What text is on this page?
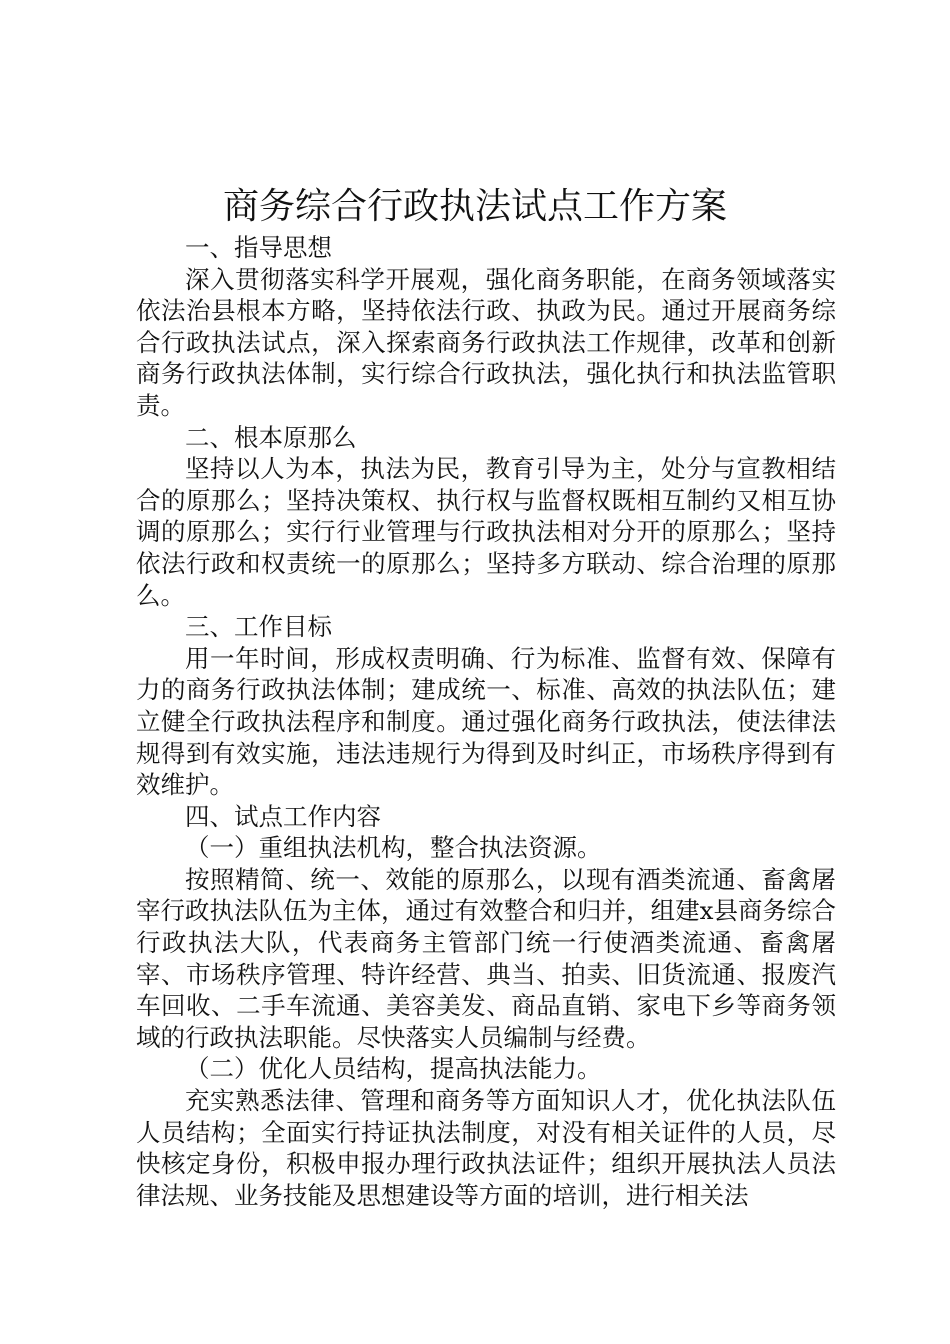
商务综合行政执法试点工作方案

一、指导思想

深入贯彻落实科学开展观，强化商务职能，在商务领域落实依法治县根本方略，坚持依法行政、执政为民。通过开展商务综合行政执法试点，深入探索商务行政执法工作规律，改革和创新商务行政执法体制，实行综合行政执法，强化执行和执法监管职责。

二、根本原那么

坚持以人为本，执法为民，教育引导为主，处分与宣教相结合的原那么；坚持决策权、执行权与监督权既相互制约又相互协调的原那么；实行行业管理与行政执法相对分开的原那么；坚持依法行政和权责统一的原那么；坚持多方联动、综合治理的原那么。

三、工作目标

用一年时间，形成权责明确、行为标准、监督有效、保障有力的商务行政执法体制；建成统一、标准、高效的执法队伍；建立健全行政执法程序和制度。通过强化商务行政执法，使法律法规得到有效实施，违法违规行为得到及时纠正，市场秩序得到有效维护。

四、试点工作内容

（一）重组执法机构，整合执法资源。

按照精简、统一、效能的原那么，以现有酒类流通、畜禽屠宰行政执法队伍为主体，通过有效整合和归并，组建x县商务综合行政执法大队，代表商务主管部门统一行使酒类流通、畜禽屠宰、市场秩序管理、特许经营、典当、拍卖、旧货流通、报废汽车回收、二手车流通、美容美发、商品直销、家电下乡等商务领域的行政执法职能。尽快落实人员编制与经费。

（二）优化人员结构，提高执法能力。

充实熟悉法律、管理和商务等方面知识人才，优化执法队伍人员结构；全面实行持证执法制度，对没有相关证件的人员，尽快核定身份，积极申报办理行政执法证件；组织开展执法人员法律法规、业务技能及思想建设等方面的培训，进行相关法
